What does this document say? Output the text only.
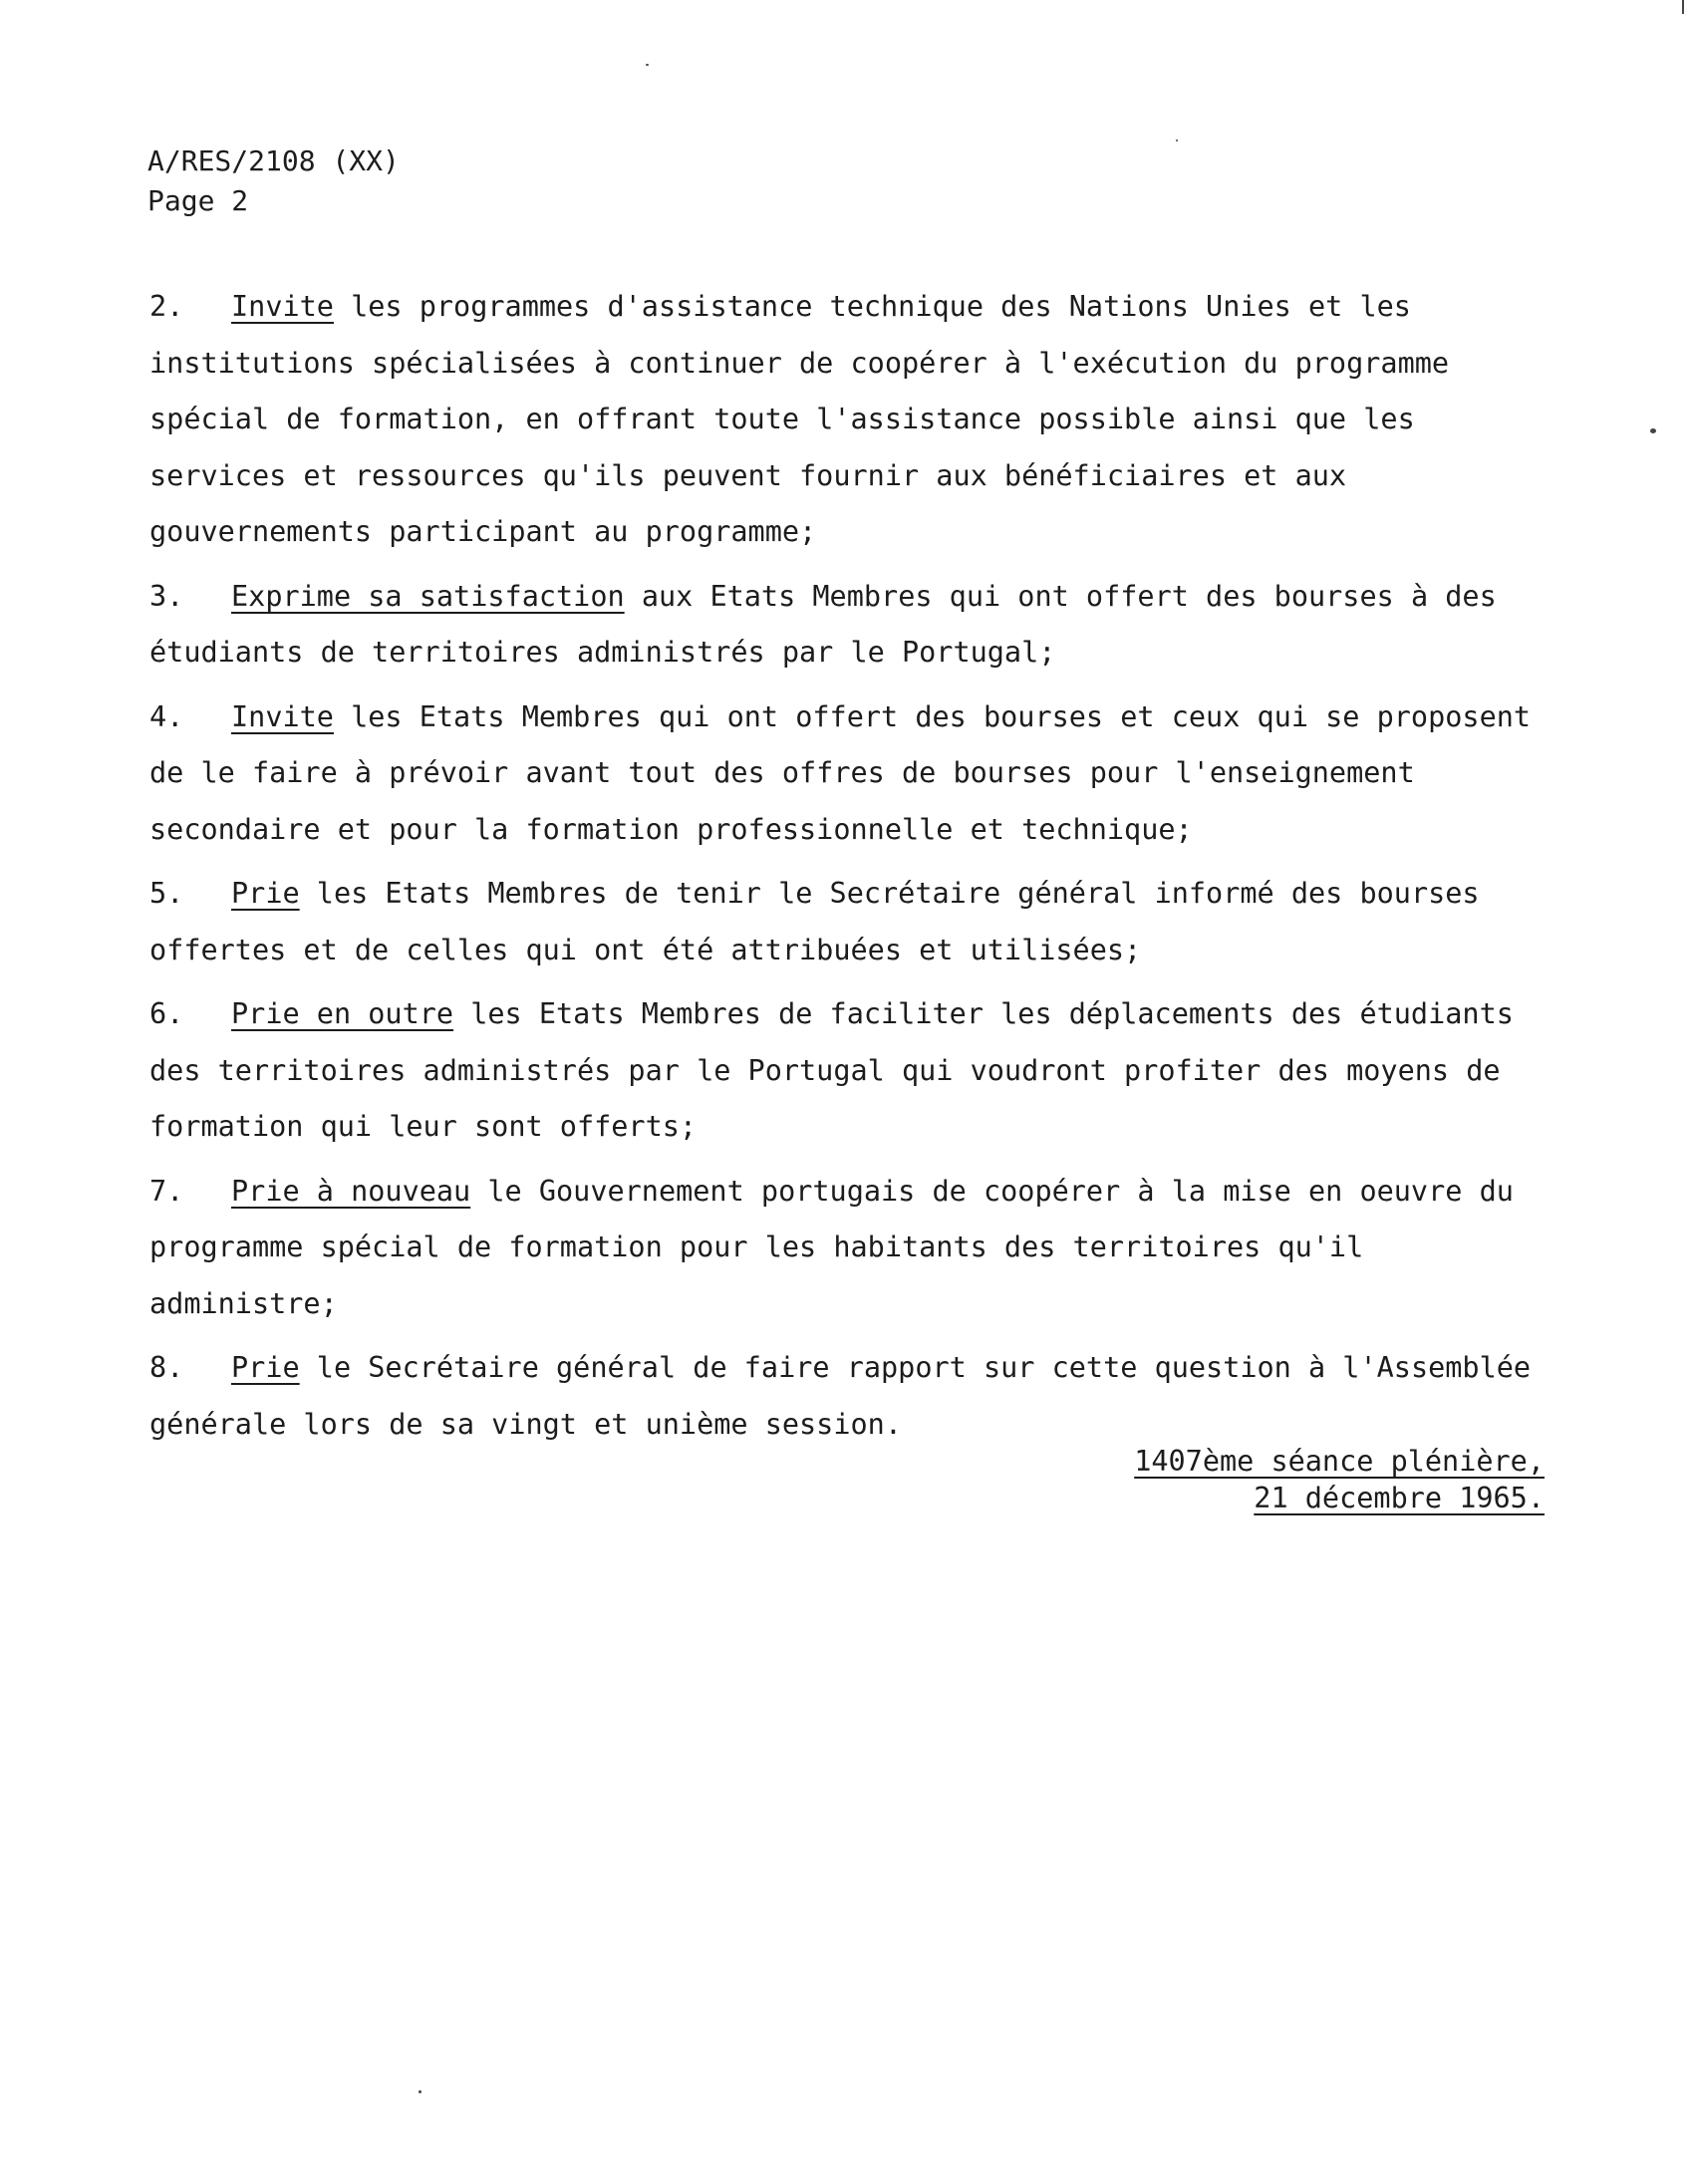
A/RES/2108 (XX)
Page 2

2. Invite les programmes d'assistance technique des Nations Unies et les institutions spécialisées à continuer de coopérer à l'exécution du programme spécial de formation, en offrant toute l'assistance possible ainsi que les services et ressources qu'ils peuvent fournir aux bénéficiaires et aux gouvernements participant au programme;

3. Exprime sa satisfaction aux Etats Membres qui ont offert des bourses à des étudiants de territoires administrés par le Portugal;

4. Invite les Etats Membres qui ont offert des bourses et ceux qui se proposent de le faire à prévoir avant tout des offres de bourses pour l'enseignement secondaire et pour la formation professionnelle et technique;

5. Prie les Etats Membres de tenir le Secrétaire général informé des bourses offertes et de celles qui ont été attribuées et utilisées;

6. Prie en outre les Etats Membres de faciliter les déplacements des étudiants des territoires administrés par le Portugal qui voudront profiter des moyens de formation qui leur sont offerts;

7. Prie à nouveau le Gouvernement portugais de coopérer à la mise en oeuvre du programme spécial de formation pour les habitants des territoires qu'il administre;

8. Prie le Secrétaire général de faire rapport sur cette question à l'Assemblée générale lors de sa vingt et unième session.

1407ème séance plénière,
21 décembre 1965.
